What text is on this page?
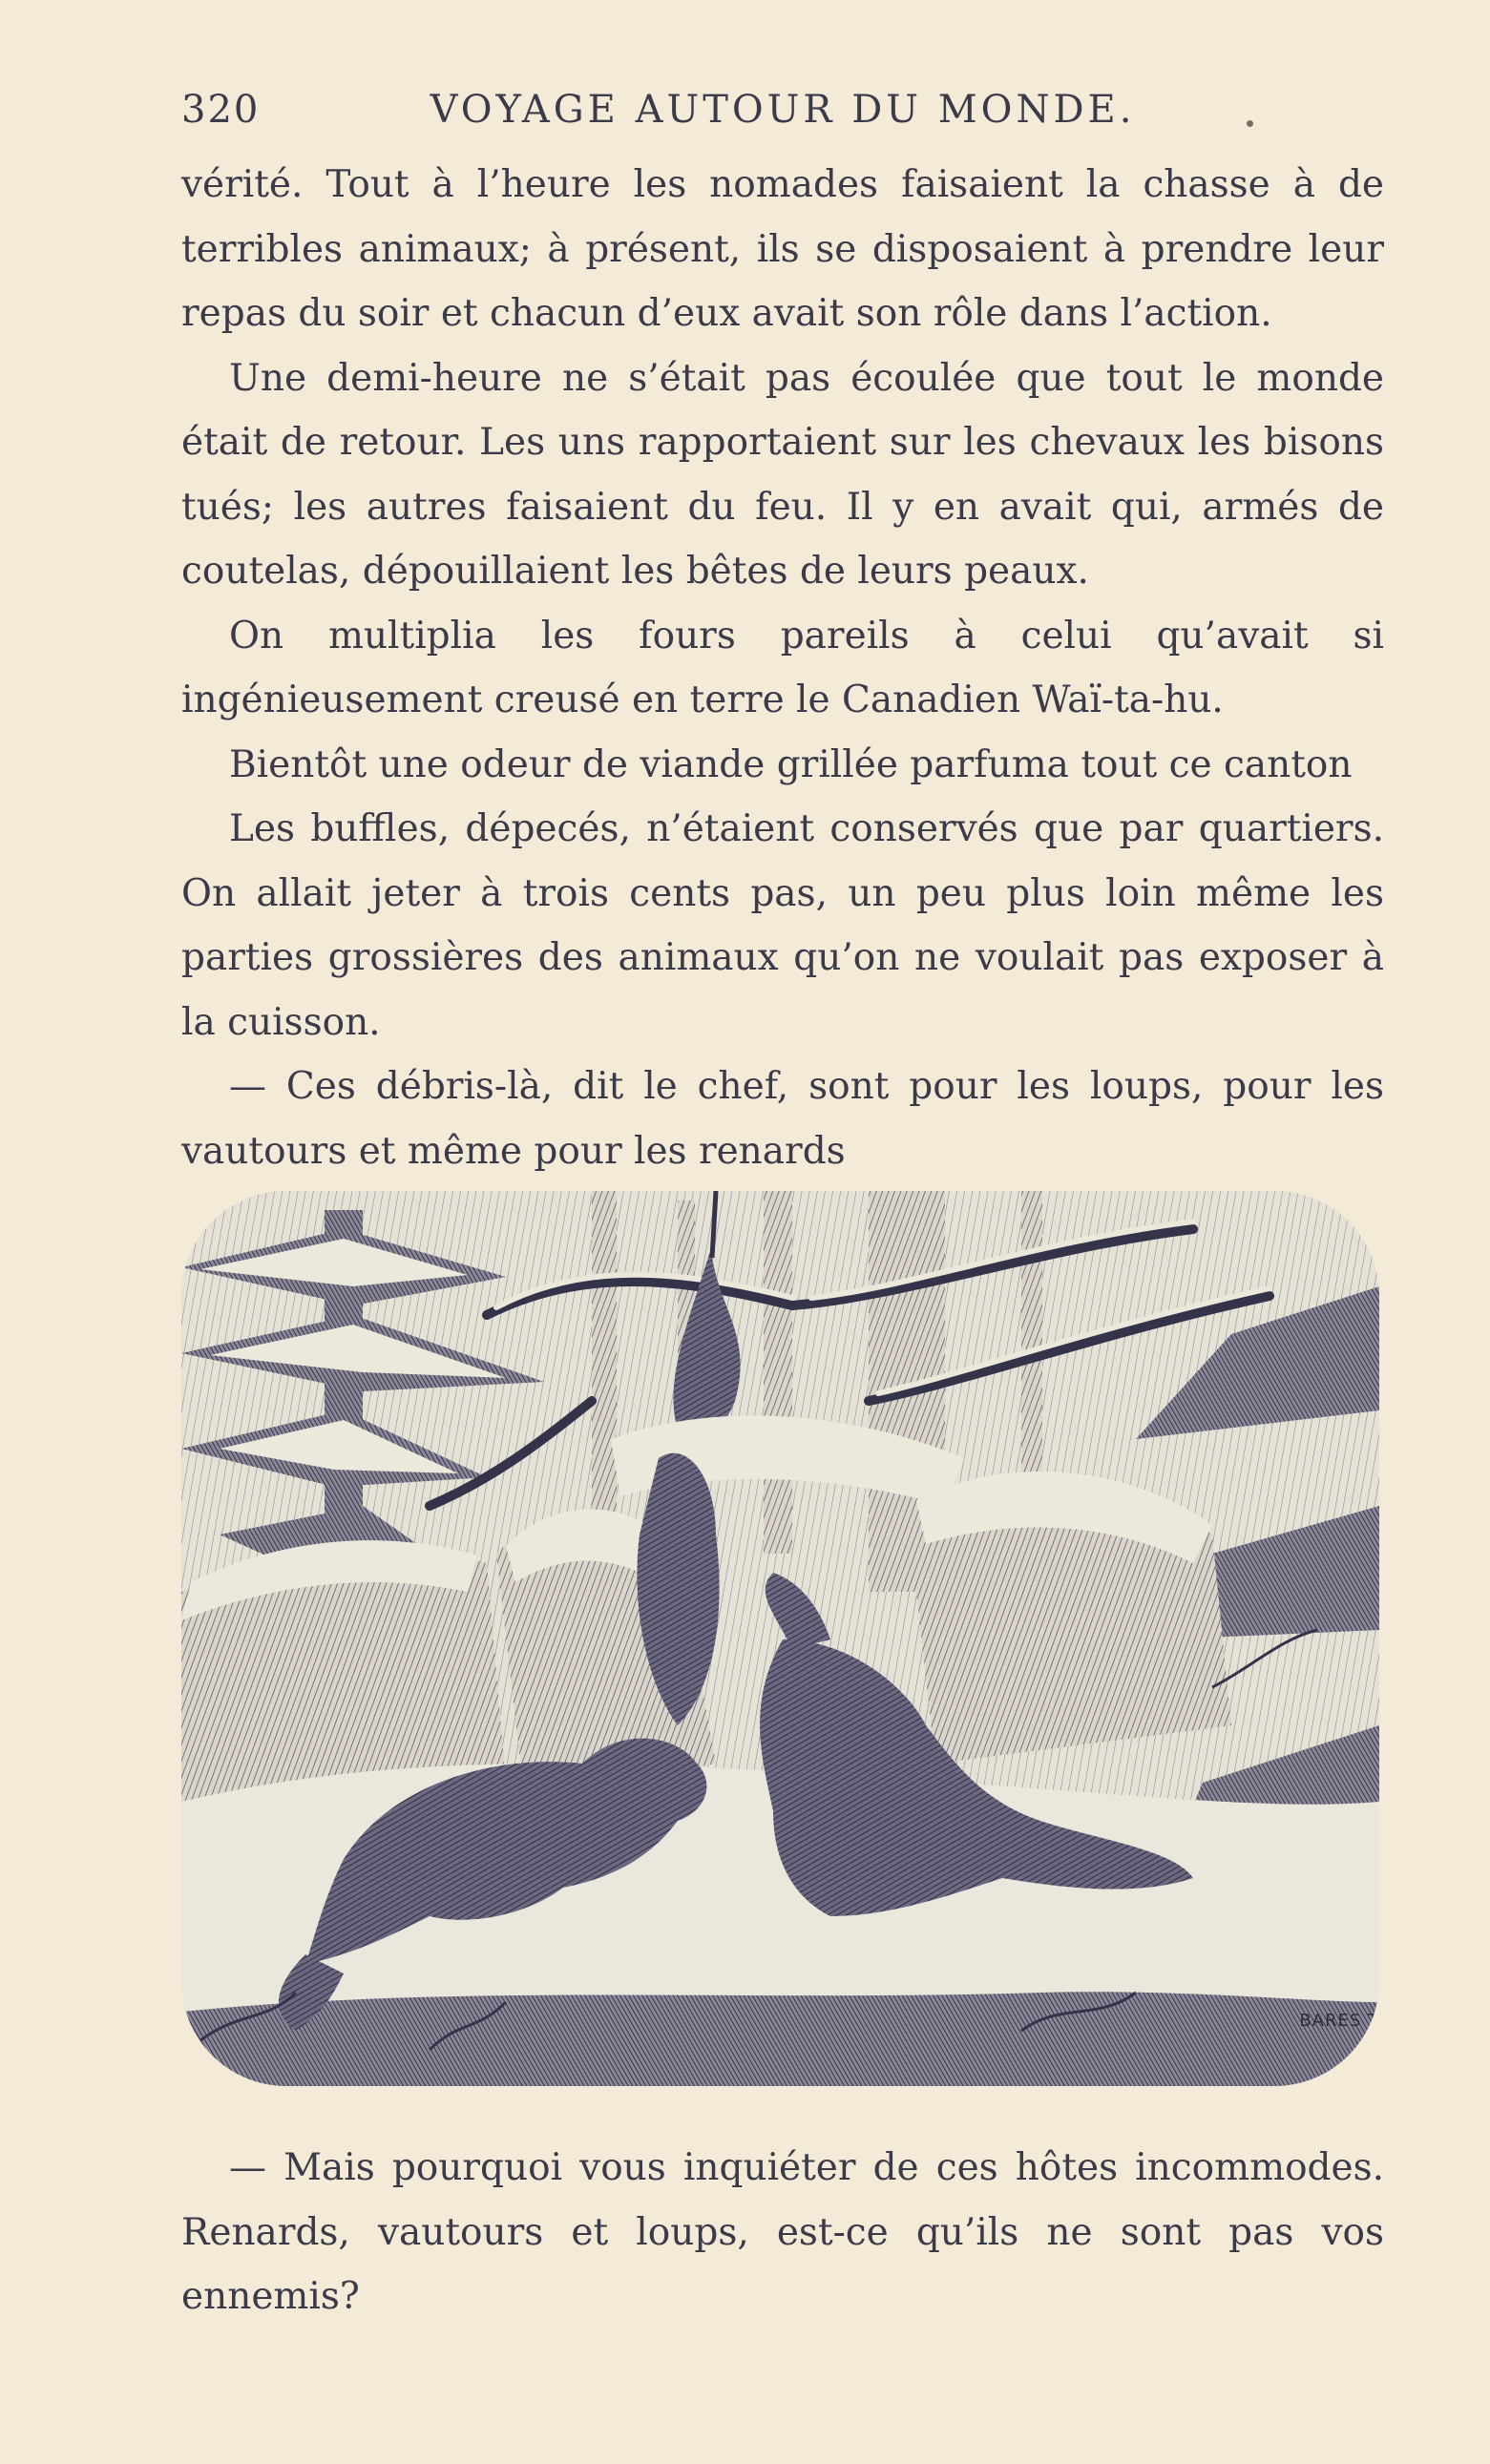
320	VOYAGE AUTOUR DU MONDE.

vérité. Tout à l’heure les nomades faisaient la chasse à de terribles animaux; à présent, ils se disposaient à prendre leur repas du soir et chacun d’eux avait son rôle dans l’action.

Une demi-heure ne s’était pas écoulée que tout le monde était de retour. Les uns rapportaient sur les chevaux les bisons tués; les autres faisaient du feu. Il y en avait qui, armés de coutelas, dépouillaient les bêtes de leurs peaux.

On multiplia les fours pareils à celui qu’avait si ingénieusement creusé en terre le Canadien Waï-ta-hu.

Bientôt une odeur de viande grillée parfuma tout ce canton

Les buffles, dépecés, n’étaient conservés que par quartiers. On allait jeter à trois cents pas, un peu plus loin même les parties grossières des animaux qu’on ne voulait pas exposer à la cuisson.

— Ces débris-là, dit le chef, sont pour les loups, pour les vautours et même pour les renards

BARES T

— Mais pourquoi vous inquiéter de ces hôtes incommodes. Renards, vautours et loups, est-ce qu’ils ne sont pas vos ennemis?
